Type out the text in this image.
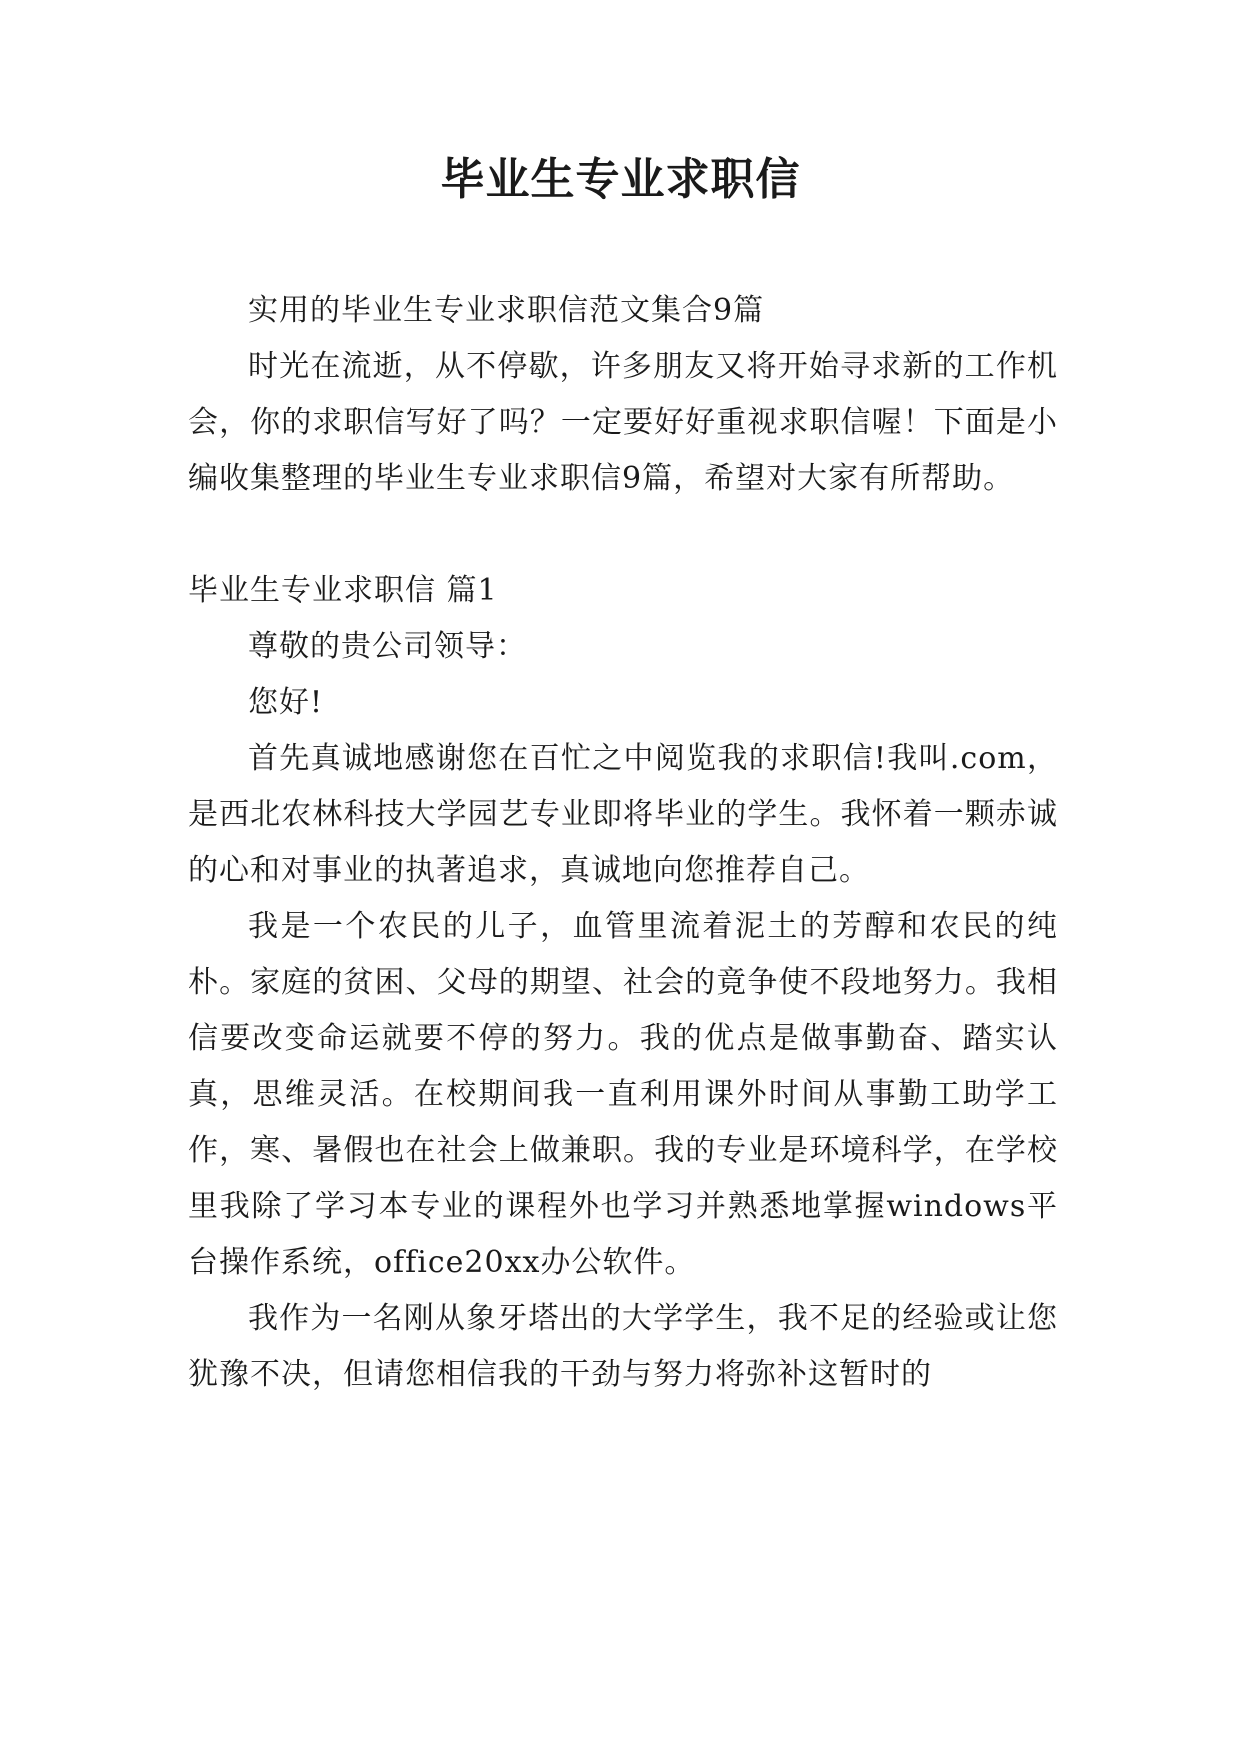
毕业生专业求职信

实用的毕业生专业求职信范文集合9篇

时光在流逝，从不停歇，许多朋友又将开始寻求新的工作机会，你的求职信写好了吗？一定要好好重视求职信喔！下面是小编收集整理的毕业生专业求职信9篇，希望对大家有所帮助。

毕业生专业求职信 篇1

尊敬的贵公司领导：

您好!

首先真诚地感谢您在百忙之中阅览我的求职信!我叫.com，是西北农林科技大学园艺专业即将毕业的学生。我怀着一颗赤诚的心和对事业的执著追求，真诚地向您推荐自己。

我是一个农民的儿子，血管里流着泥土的芳醇和农民的纯朴。家庭的贫困、父母的期望、社会的竟争使不段地努力。我相信要改变命运就要不停的努力。我的优点是做事勤奋、踏实认真，思维灵活。在校期间我一直利用课外时间从事勤工助学工作，寒、暑假也在社会上做兼职。我的专业是环境科学，在学校里我除了学习本专业的课程外也学习并熟悉地掌握windows平台操作系统，office20xx办公软件。

我作为一名刚从象牙塔出的大学学生，我不足的经验或让您犹豫不决，但请您相信我的干劲与努力将弥补这暂时的
